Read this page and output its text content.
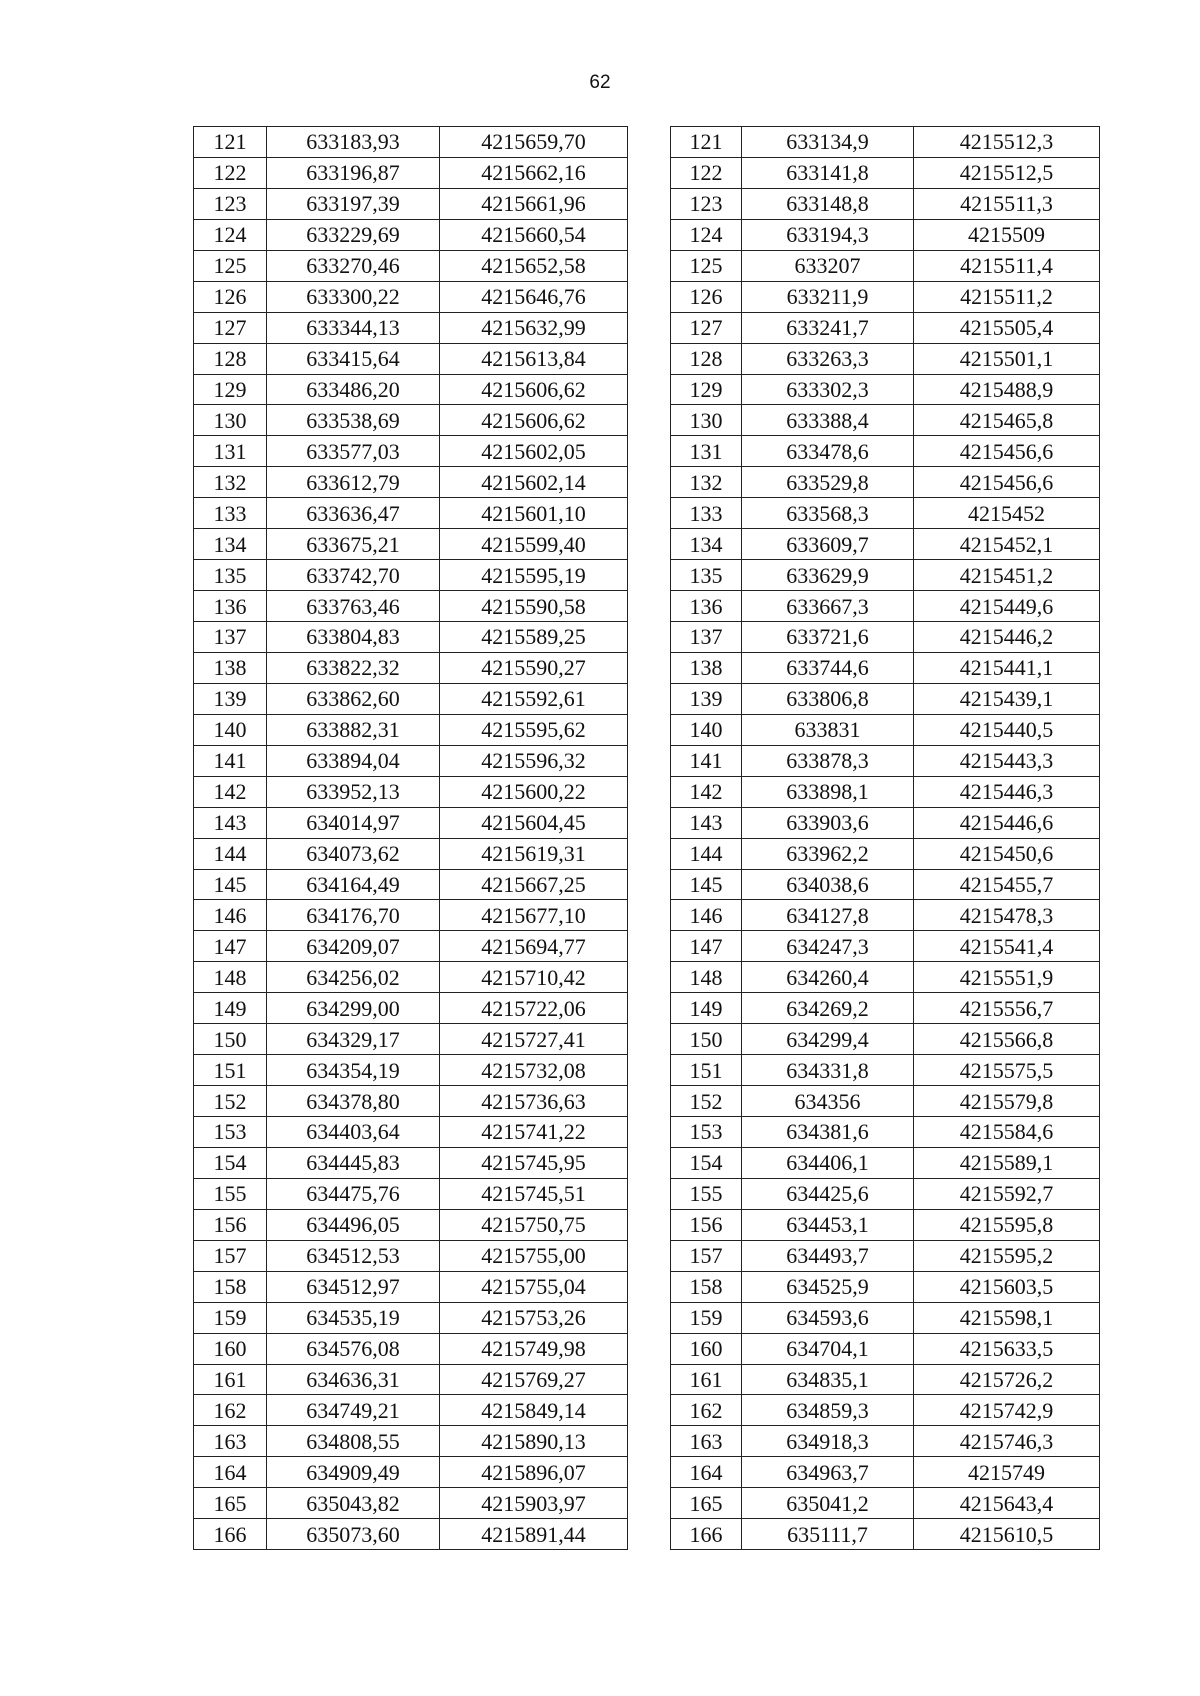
62
121	633183,93	4215659,70
122	633196,87	4215662,16
123	633197,39	4215661,96
124	633229,69	4215660,54
125	633270,46	4215652,58
126	633300,22	4215646,76
127	633344,13	4215632,99
128	633415,64	4215613,84
129	633486,20	4215606,62
130	633538,69	4215606,62
131	633577,03	4215602,05
132	633612,79	4215602,14
133	633636,47	4215601,10
134	633675,21	4215599,40
135	633742,70	4215595,19
136	633763,46	4215590,58
137	633804,83	4215589,25
138	633822,32	4215590,27
139	633862,60	4215592,61
140	633882,31	4215595,62
141	633894,04	4215596,32
142	633952,13	4215600,22
143	634014,97	4215604,45
144	634073,62	4215619,31
145	634164,49	4215667,25
146	634176,70	4215677,10
147	634209,07	4215694,77
148	634256,02	4215710,42
149	634299,00	4215722,06
150	634329,17	4215727,41
151	634354,19	4215732,08
152	634378,80	4215736,63
153	634403,64	4215741,22
154	634445,83	4215745,95
155	634475,76	4215745,51
156	634496,05	4215750,75
157	634512,53	4215755,00
158	634512,97	4215755,04
159	634535,19	4215753,26
160	634576,08	4215749,98
161	634636,31	4215769,27
162	634749,21	4215849,14
163	634808,55	4215890,13
164	634909,49	4215896,07
165	635043,82	4215903,97
166	635073,60	4215891,44
121	633134,9	4215512,3
122	633141,8	4215512,5
123	633148,8	4215511,3
124	633194,3	4215509
125	633207	4215511,4
126	633211,9	4215511,2
127	633241,7	4215505,4
128	633263,3	4215501,1
129	633302,3	4215488,9
130	633388,4	4215465,8
131	633478,6	4215456,6
132	633529,8	4215456,6
133	633568,3	4215452
134	633609,7	4215452,1
135	633629,9	4215451,2
136	633667,3	4215449,6
137	633721,6	4215446,2
138	633744,6	4215441,1
139	633806,8	4215439,1
140	633831	4215440,5
141	633878,3	4215443,3
142	633898,1	4215446,3
143	633903,6	4215446,6
144	633962,2	4215450,6
145	634038,6	4215455,7
146	634127,8	4215478,3
147	634247,3	4215541,4
148	634260,4	4215551,9
149	634269,2	4215556,7
150	634299,4	4215566,8
151	634331,8	4215575,5
152	634356	4215579,8
153	634381,6	4215584,6
154	634406,1	4215589,1
155	634425,6	4215592,7
156	634453,1	4215595,8
157	634493,7	4215595,2
158	634525,9	4215603,5
159	634593,6	4215598,1
160	634704,1	4215633,5
161	634835,1	4215726,2
162	634859,3	4215742,9
163	634918,3	4215746,3
164	634963,7	4215749
165	635041,2	4215643,4
166	635111,7	4215610,5
